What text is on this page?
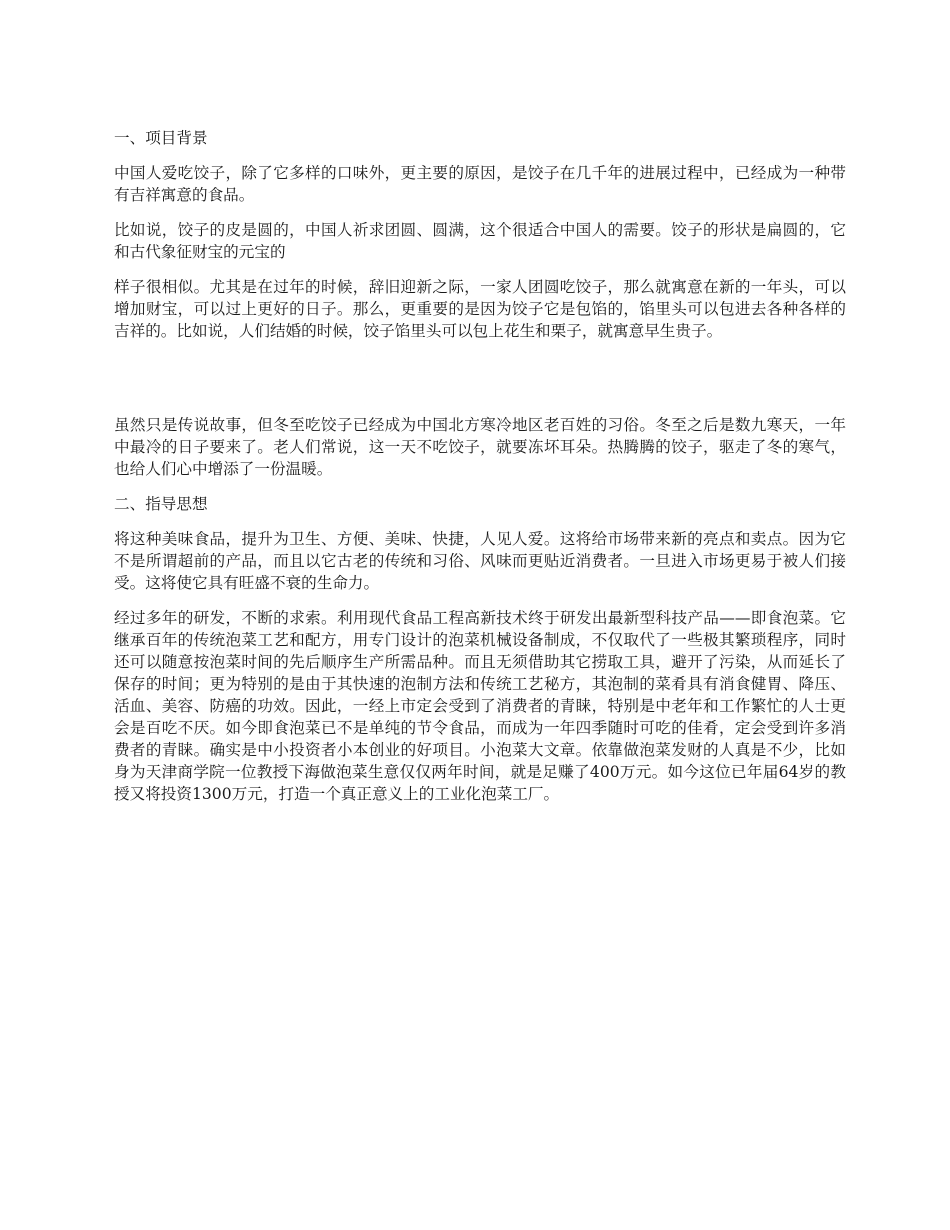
一、项目背景

中国人爱吃饺子，除了它多样的口味外，更主要的原因，是饺子在几千年的进展过程中，已经成为一种带有吉祥寓意的食品。

比如说，饺子的皮是圆的，中国人祈求团圆、圆满，这个很适合中国人的需要。饺子的形状是扁圆的，它和古代象征财宝的元宝的

样子很相似。尤其是在过年的时候，辞旧迎新之际，一家人团圆吃饺子，那么就寓意在新的一年头，可以增加财宝，可以过上更好的日子。那么，更重要的是因为饺子它是包馅的，馅里头可以包进去各种各样的吉祥的。比如说，人们结婚的时候，饺子馅里头可以包上花生和栗子，就寓意早生贵子。

虽然只是传说故事，但冬至吃饺子已经成为中国北方寒冷地区老百姓的习俗。冬至之后是数九寒天，一年中最冷的日子要来了。老人们常说，这一天不吃饺子，就要冻坏耳朵。热腾腾的饺子，驱走了冬的寒气，也给人们心中增添了一份温暖。

二、指导思想

将这种美味食品，提升为卫生、方便、美味、快捷，人见人爱。这将给市场带来新的亮点和卖点。因为它不是所谓超前的产品，而且以它古老的传统和习俗、风味而更贴近消费者。一旦进入市场更易于被人们接受。这将使它具有旺盛不衰的生命力。

经过多年的研发，不断的求索。利用现代食品工程高新技术终于研发出最新型科技产品——即食泡菜。它继承百年的传统泡菜工艺和配方，用专门设计的泡菜机械设备制成，不仅取代了一些极其繁琐程序，同时还可以随意按泡菜时间的先后顺序生产所需品种。而且无须借助其它捞取工具，避开了污染，从而延长了保存的时间；更为特别的是由于其快速的泡制方法和传统工艺秘方，其泡制的菜肴具有消食健胃、降压、活血、美容、防癌的功效。因此，一经上市定会受到了消费者的青睐，特别是中老年和工作繁忙的人士更会是百吃不厌。如今即食泡菜已不是单纯的节令食品，而成为一年四季随时可吃的佳肴，定会受到许多消费者的青睐。确实是中小投资者小本创业的好项目。小泡菜大文章。依靠做泡菜发财的人真是不少，比如身为天津商学院一位教授下海做泡菜生意仅仅两年时间，就是足赚了400万元。如今这位已年届64岁的教授又将投资1300万元，打造一个真正意义上的工业化泡菜工厂。
